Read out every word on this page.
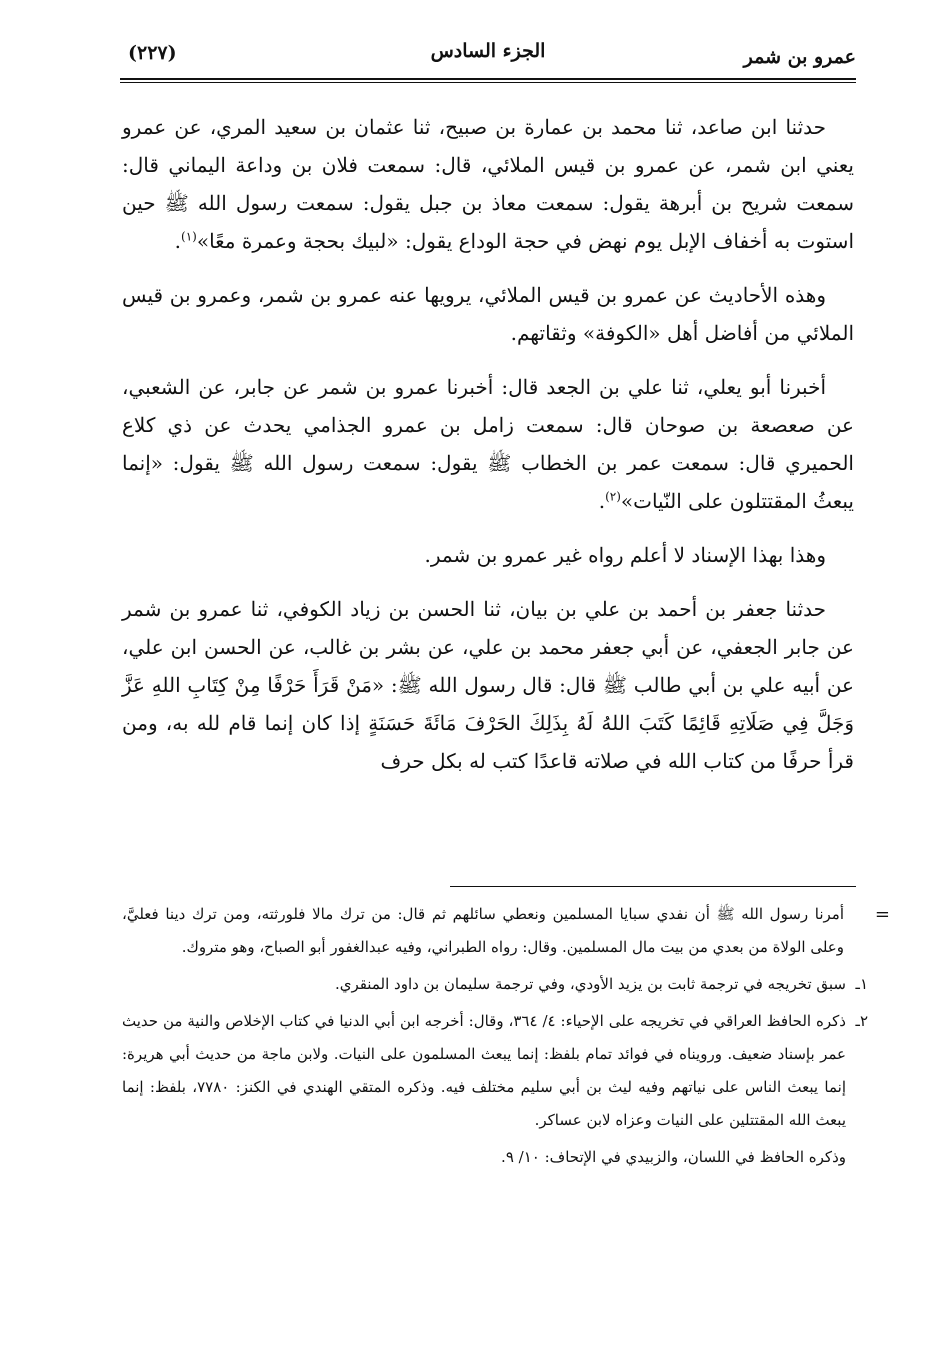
عمرو بن شمر
الجزء السادس
(٢٢٧)

حدثنا ابن صاعد، ثنا محمد بن عمارة بن صبيح، ثنا عثمان بن سعيد المري، عن عمرو يعني ابن شمر، عن عمرو بن قيس الملائي، قال: سمعت فلان بن وداعة اليماني قال: سمعت شريح بن أبرهة يقول: سمعت معاذ بن جبل يقول: سمعت رسول الله ﷺ حين استوت به أخفاف الإبل يوم نهض في حجة الوداع يقول: «لبيك بحجة وعمرة معًا»$^{(١)}$.

وهذه الأحاديث عن عمرو بن قيس الملائي، يرويها عنه عمرو بن شمر، وعمرو بن قيس الملائي من أفاضل أهل «الكوفة» وثقاتهم.

أخبرنا أبو يعلي، ثنا علي بن الجعد قال: أخبرنا عمرو بن شمر عن جابر، عن الشعبي، عن صعصعة بن صوحان قال: سمعت زامل بن عمرو الجذامي يحدث عن ذي كلاع الحميري قال: سمعت عمر بن الخطاب ﷺ يقول: سمعت رسول الله ﷺ يقول: «إنما يبعثُ المقتتلون على النّيات»$^{(٢)}$.

وهذا بهذا الإسناد لا أعلم رواه غير عمرو بن شمر.

حدثنا جعفر بن أحمد بن علي بن بيان، ثنا الحسن بن زياد الكوفي، ثنا عمرو بن شمر عن جابر الجعفي، عن أبي جعفر محمد بن علي، عن بشر بن غالب، عن الحسن ابن علي، عن أبيه علي بن أبي طالب ﷺ قال: قال رسول الله ﷺ: «مَنْ قَرَأَ حَرْفًا مِنْ كِتَابِ اللهِ عَزَّ وَجَلَّ فِي صَلَاتِهِ قَائِمًا كَتَبَ اللهُ لَهُ بِذَلِكَ الحَرْفَ مَائَةَ حَسَنَةٍ إذا كان إنما قام لله به، ومن قرأ حرفًا من كتاب الله في صلاته قاعدًا كتب له بكل حرف

=
أمرنا رسول الله ﷺ أن نفدي سبايا المسلمين ونعطي سائلهم ثم قال: من ترك مالا فلورثته، ومن ترك دينا فعليَّ، وعلى الولاة من بعدي من بيت مال المسلمين. وقال: رواه الطبراني، وفيه عبدالغفور أبو الصباح، وهو متروك.
١ـ
سبق تخريجه في ترجمة ثابت بن يزيد الأودي، وفي ترجمة سليمان بن داود المنقري.
٢ـ
ذكره الحافظ العراقي في تخريجه على الإحياء: ٤/ ٣٦٤، وقال: أخرجه ابن أبي الدنيا في كتاب الإخلاص والنية من حديث عمر بإسناد ضعيف. ورويناه في فوائد تمام بلفظ: إنما يبعث المسلمون على النيات. ولابن ماجة من حديث أبي هريرة: إنما يبعث الناس على نياتهم وفيه ليث بن أبي سليم مختلف فيه. وذكره المتقي الهندي في الكنز: ٧٧٨٠، بلفظ: إنما يبعث الله المقتتلين على النيات وعزاه لابن عساكر.
وذكره الحافظ في اللسان، والزبيدي في الإتحاف: ١٠/ ٩.
